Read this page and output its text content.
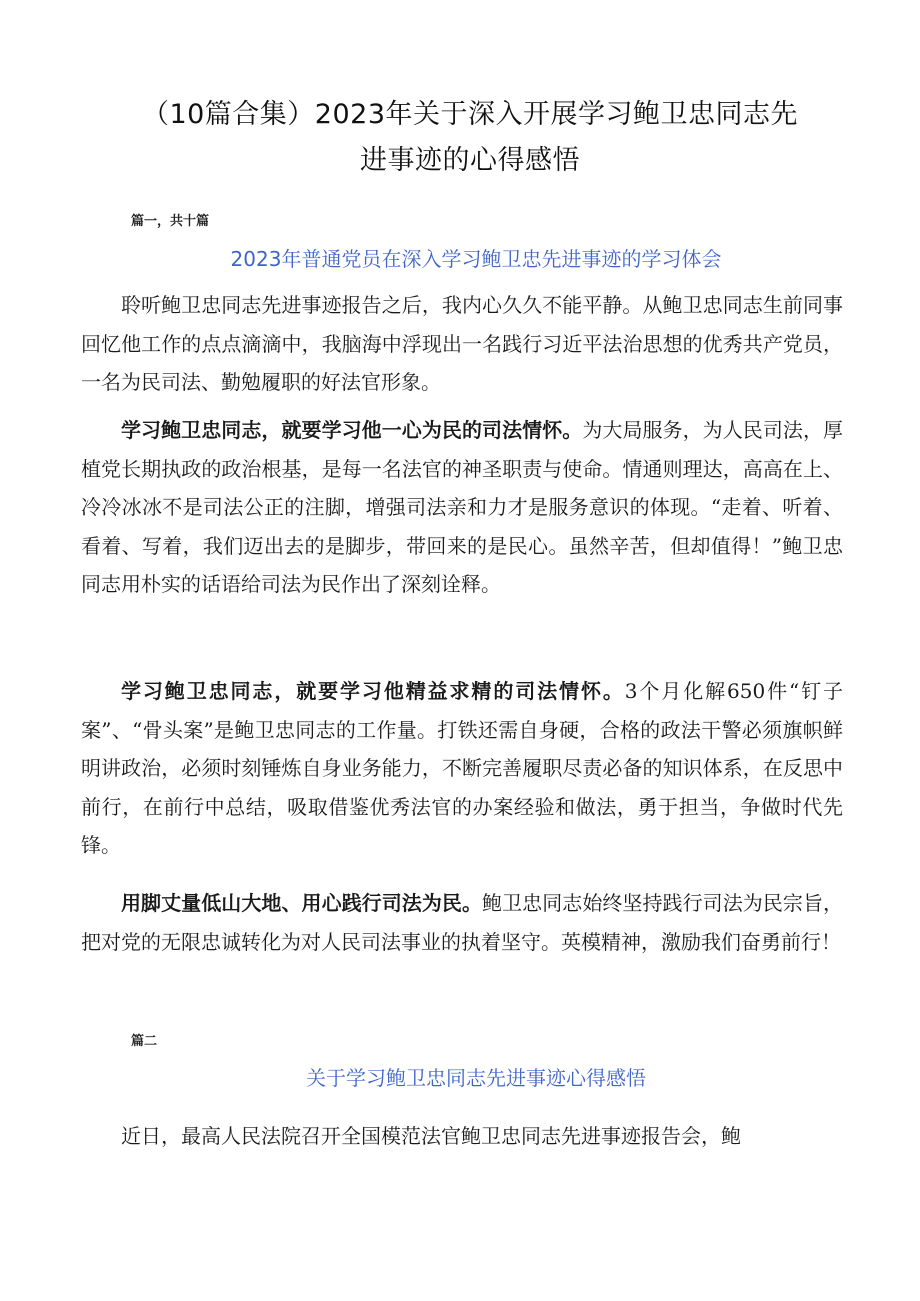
（10篇合集）2023年关于深入开展学习鲍卫忠同志先
进事迹的心得感悟

篇一，共十篇

2023年普通党员在深入学习鲍卫忠先进事迹的学习体会

聆听鲍卫忠同志先进事迹报告之后，我内心久久不能平静。从鲍卫忠同志生前同事回忆他工作的点点滴滴中，我脑海中浮现出一名践行习近平法治思想的优秀共产党员，一名为民司法、勤勉履职的好法官形象。

学习鲍卫忠同志，就要学习他一心为民的司法情怀。为大局服务，为人民司法，厚植党长期执政的政治根基，是每一名法官的神圣职责与使命。情通则理达，高高在上、冷冷冰冰不是司法公正的注脚，增强司法亲和力才是服务意识的体现。“走着、听着、看着、写着，我们迈出去的是脚步，带回来的是民心。虽然辛苦，但却值得！”鲍卫忠同志用朴实的话语给司法为民作出了深刻诠释。

学习鲍卫忠同志，就要学习他精益求精的司法情怀。3个月化解650件“钉子案”、“骨头案”是鲍卫忠同志的工作量。打铁还需自身硬，合格的政法干警必须旗帜鲜明讲政治，必须时刻锤炼自身业务能力，不断完善履职尽责必备的知识体系，在反思中前行，在前行中总结，吸取借鉴优秀法官的办案经验和做法，勇于担当，争做时代先锋。

用脚丈量低山大地、用心践行司法为民。鲍卫忠同志始终坚持践行司法为民宗旨，把对党的无限忠诚转化为对人民司法事业的执着坚守。英模精神，激励我们奋勇前行！

篇二

关于学习鲍卫忠同志先进事迹心得感悟

近日，最高人民法院召开全国模范法官鲍卫忠同志先进事迹报告会，鲍
